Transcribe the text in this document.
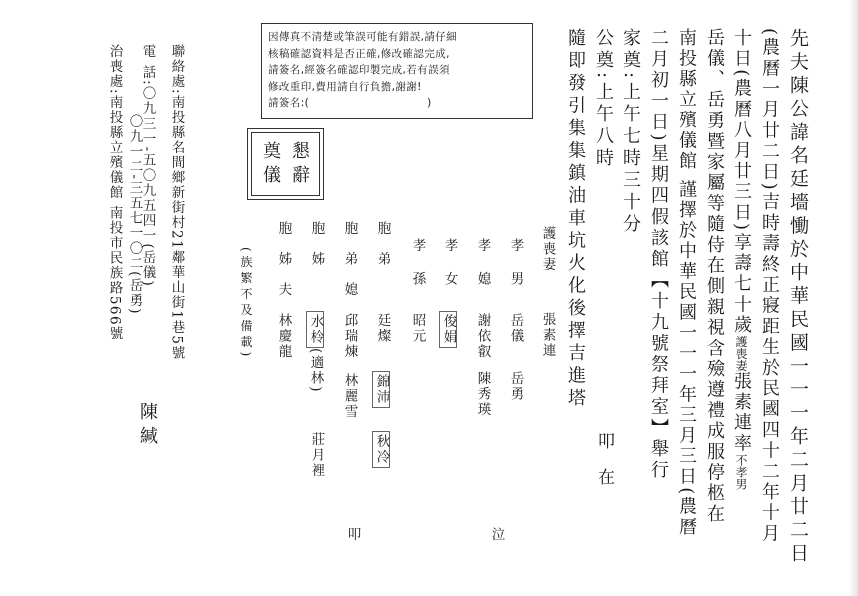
先夫陳公諱名廷墻慟於中華民國一一一年二月廿二日
(農曆一月廿二日)吉時壽終正寢距生於民國四十二年十月
十日(農曆八月廿三日)享壽七十歲護喪妻張素連率不孝男
岳儀、岳勇暨家屬等隨侍在側親視含殮遵禮成服停柩在
南投縣立殯儀館 謹擇於中華民國一一一年三月三日(農曆
二月初一日)星期四假該館【十九號祭拜室】舉行
家奠:上午七時三十分
公奠:上午八時
隨即發引集集鎮油車坑火化後擇吉進塔
叩
在
因傳真不清楚或筆誤可能有錯誤,請仔細
核稿確認資料是否正確,修改確認完成,
請簽名,經簽名確認印製完成,若有誤須
修改重印,費用請自行負擔,謝謝!
請簽名:(	)
懇辭
奠儀
護喪妻
張素連
孝男
岳儀
岳勇
孝媳
謝依叡
陳秀瑛
孝女
俊娟
孝孫
昭元
胞弟
廷燦
錦沛
秋冷
胞弟媳
邱瑞煉
林麗雪
胞姊
水柃(適林)
莊月裡
胞姊夫
林慶龍
(族繁不及備載)
泣
叩
聯絡處:南投縣名間鄉新街村21鄰華山街1巷5號
電 話:〇九三一-五〇九五四一(岳儀)
〇九一二-三五七一〇二(岳勇)
陳緘
治喪處:南投縣立殯儀館 南投市民族路566號
